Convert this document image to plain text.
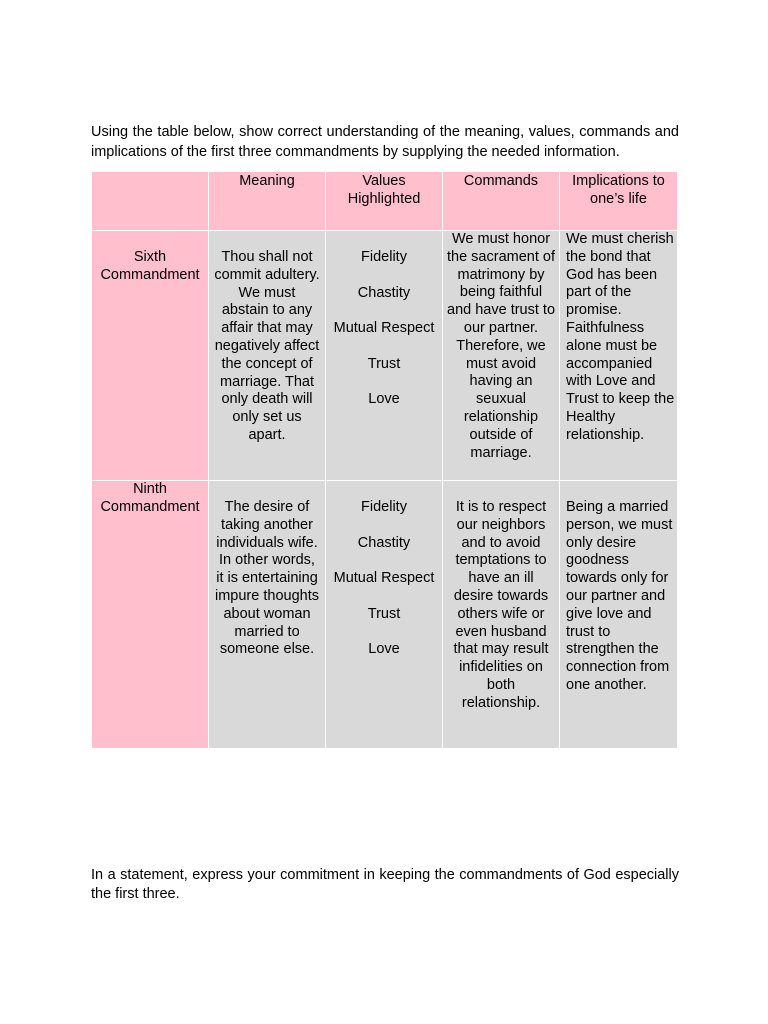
Using the table below, show correct understanding of the meaning, values, commands and implications of the first three commandments by supplying the needed information.
	Meaning	Values Highlighted	Commands	Implications to one’s life
Sixth Commandment	Thou shall not commit adultery. We must abstain to any affair that may negatively affect the concept of marriage. That only death will only set us apart.	Fidelity
Chastity
Mutual Respect
Trust
Love	We must honor the sacrament of matrimony by being faithful and have trust to our partner. Therefore, we must avoid having an seuxual relationship outside of marriage.	We must cherish the bond that God has been part of the promise. Faithfulness alone must be accompanied with Love and Trust to keep the Healthy relationship.
Ninth Commandment	The desire of taking another individuals wife. In other words, it is entertaining impure thoughts about woman married to someone else.	Fidelity
Chastity
Mutual Respect
Trust
Love	It is to respect our neighbors and to avoid temptations to have an ill desire towards others wife or even husband that may result infidelities on both relationship.	Being a married person, we must only desire goodness towards only for our partner and give love and trust to strengthen the connection from one another.
In a statement, express your commitment in keeping the commandments of God especially the first three.
